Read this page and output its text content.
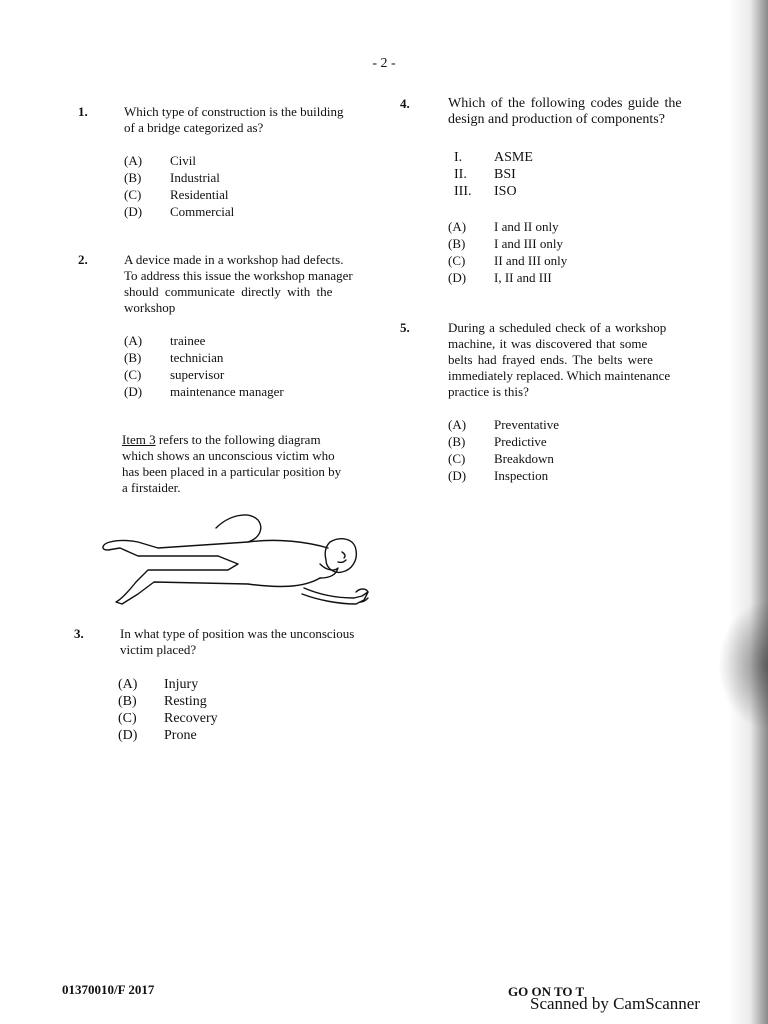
- 2 -
1.	Which type of construction is the building
of a bridge categorized as?
(A)	Civil
(B)	Industrial
(C)	Residential
(D)	Commercial
2.	A device made in a workshop had defects.
To address this issue the workshop manager
should communicate directly with the
workshop
(A)	trainee
(B)	technician
(C)	supervisor
(D)	maintenance manager
Item 3 refers to the following diagram
which shows an unconscious victim who
has been placed in a particular position by
a firstaider.
3.	In what type of position was the unconscious
victim placed?
(A)	Injury
(B)	Resting
(C)	Recovery
(D)	Prone
4.	Which of the following codes guide the
design and production of components?
I.	ASME
II.	BSI
III.	ISO
(A)	I and II only
(B)	I and III only
(C)	II and III only
(D)	I, II and III
5.	During a scheduled check of a workshop
machine, it was discovered that some
belts had frayed ends. The belts were
immediately replaced. Which maintenance
practice is this?
(A)	Preventative
(B)	Predictive
(C)	Breakdown
(D)	Inspection
01370010/F 2017	GO ON TO T
Scanned by CamScanner
